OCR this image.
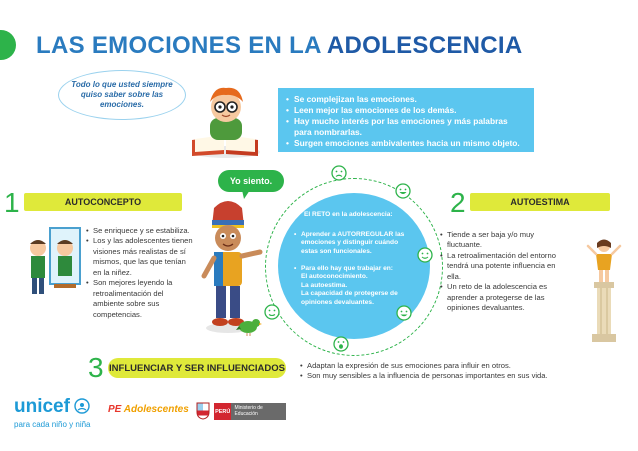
LAS EMOCIONES EN LA ADOLESCENCIA
Todo lo que usted siempre quiso saber sobre las emociones.
• Se complejizan las emociones.
• Leen mejor las emociones de los demás.
• Hay mucho interés por las emociones y más palabras para nombrarlas.
• Surgen emociones ambivalentes hacia un mismo objeto.
Yo siento.
1	AUTOCONCEPTO
• Se enriquece y se estabiliza.
• Los y las adolescentes tienen visiones más realistas de sí mismos, que las que tenían en la niñez.
• Son mejores leyendo la retroalimentación del ambiente sobre sus competencias.
El RETO en la adolescencia:
• Aprender a AUTORREGULAR las emociones y distinguir cuándo estas son funcionales.
• Para ello hay que trabajar en:
El autoconocimiento.
La autoestima.
La capacidad de protegerse de opiniones devaluantes.
2	AUTOESTIMA
• Tiende a ser baja y/o muy fluctuante.
• La retroalimentación del entorno tendrá una potente influencia en ella.
• Un reto de la adolescencia es aprender a protegerse de las opiniones devaluantes.
3 INFLUENCIAR Y SER INFLUENCIADOS
•	Adaptan la expresión de sus emociones para influir en otros.
• Son muy sensibles a la influencia de personas importantes en sus vida.
unicef
para cada niño y niña
PE Adolescentes	PERÚ
Ministerio de Educación
